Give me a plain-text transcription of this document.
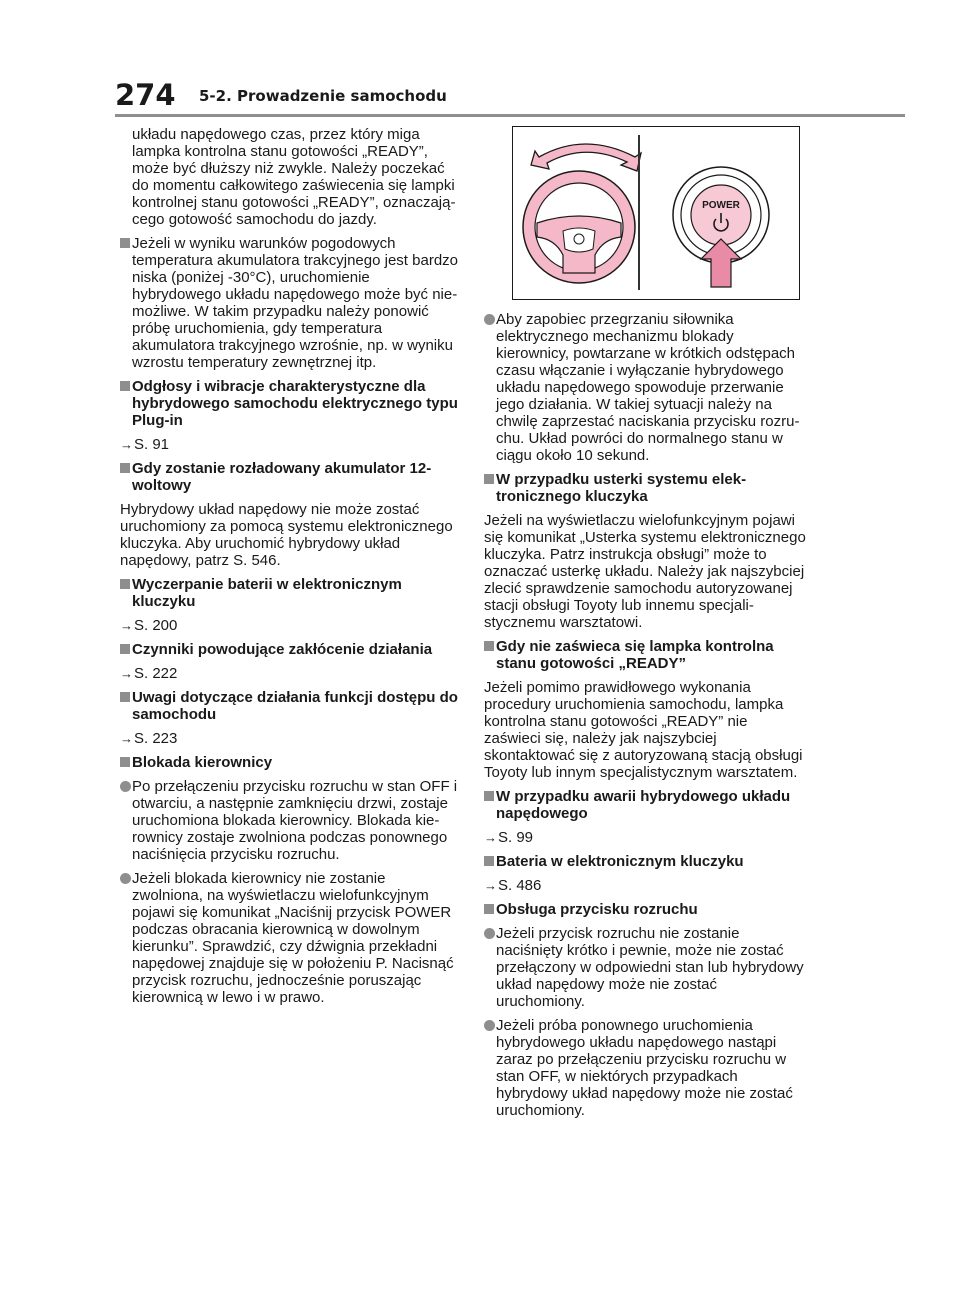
274 5-2. Prowadzenie samochodu

układu napędowego czas, przez który miga lampka kontrolna stanu gotowości „READY”, może być dłuższy niż zwykle. Należy poczekać do momentu całkowitego zaświecenia się lampki kontrolnej stanu gotowości „READY”, oznaczającego gotowość samochodu do jazdy.

Jeżeli w wyniku warunków pogodowych temperatura akumulatora trakcyjnego jest bardzo niska (poniżej -30°C), uruchomienie hybrydowego układu napędowego może być niemożliwe. W takim przypadku należy ponowić próbę uruchomienia, gdy temperatura akumulatora trakcyjnego wzrośnie, np. w wyniku wzrostu temperatury zewnętrznej itp.
Odgłosy i wibracje charakterystyczne dla hybrydowego samochodu elektrycznego typu Plug-in

→S. 91

Gdy zostanie rozładowany akumulator 12-woltowy

Hybrydowy układ napędowy nie może zostać uruchomiony za pomocą systemu elektronicznego kluczyka. Aby uruchomić hybrydowy układ napędowy, patrz S. 546.

Wyczerpanie baterii w elektronicznym kluczyku

→S. 200

Czynniki powodujące zakłócenie działania

→S. 222

Uwagi dotyczące działania funkcji dostępu do samochodu

→S. 223

Blokada kierownicy
Po przełączeniu przycisku rozruchu w stan OFF i otwarciu, a następnie zamknięciu drzwi, zostaje uruchomiona blokada kierownicy. Blokada kierownicy zostaje zwolniona podczas ponownego naciśnięcia przycisku rozruchu.
Jeżeli blokada kierownicy nie zostanie zwolniona, na wyświetlaczu wielofunkcyjnym pojawi się komunikat „Naciśnij przycisk POWER podczas obracania kierownicą w dowolnym kierunku”. Sprawdzić, czy dźwignia przekładni napędowej znajduje się w położeniu P. Nacisnąć przycisk rozruchu, jednocześnie poruszając kierownicą w lewo i w prawo.
POWER
Aby zapobiec przegrzaniu siłownika elektrycznego mechanizmu blokady kierownicy, powtarzane w krótkich odstępach czasu włączanie i wyłączanie hybrydowego układu napędowego spowoduje przerwanie jego działania. W takiej sytuacji należy na chwilę zaprzestać naciskania przycisku rozruchu. Układ powróci do normalnego stanu w ciągu około 10 sekund.
W przypadku usterki systemu elektronicznego kluczyka

Jeżeli na wyświetlaczu wielofunkcyjnym pojawi się komunikat „Usterka systemu elektronicznego kluczyka. Patrz instrukcja obsługi” może to oznaczać usterkę układu. Należy jak najszybciej zlecić sprawdzenie samochodu autoryzowanej stacji obsługi Toyoty lub innemu specjalistycznemu warsztatowi.

Gdy nie zaświeca się lampka kontrolna stanu gotowości „READY”

Jeżeli pomimo prawidłowego wykonania procedury uruchomienia samochodu, lampka kontrolna stanu gotowości „READY” nie zaświeci się, należy jak najszybciej skontaktować się z autoryzowaną stacją obsługi Toyoty lub innym specjalistycznym warsztatem.

W przypadku awarii hybrydowego układu napędowego

→S. 99

Bateria w elektronicznym kluczyku

→S. 486

Obsługa przycisku rozruchu
Jeżeli przycisk rozruchu nie zostanie naciśnięty krótko i pewnie, może nie zostać przełączony w odpowiedni stan lub hybrydowy układ napędowy może nie zostać uruchomiony.
Jeżeli próba ponownego uruchomienia hybrydowego układu napędowego nastąpi zaraz po przełączeniu przycisku rozruchu w stan OFF, w niektórych przypadkach hybrydowy układ napędowy może nie zostać uruchomiony.
